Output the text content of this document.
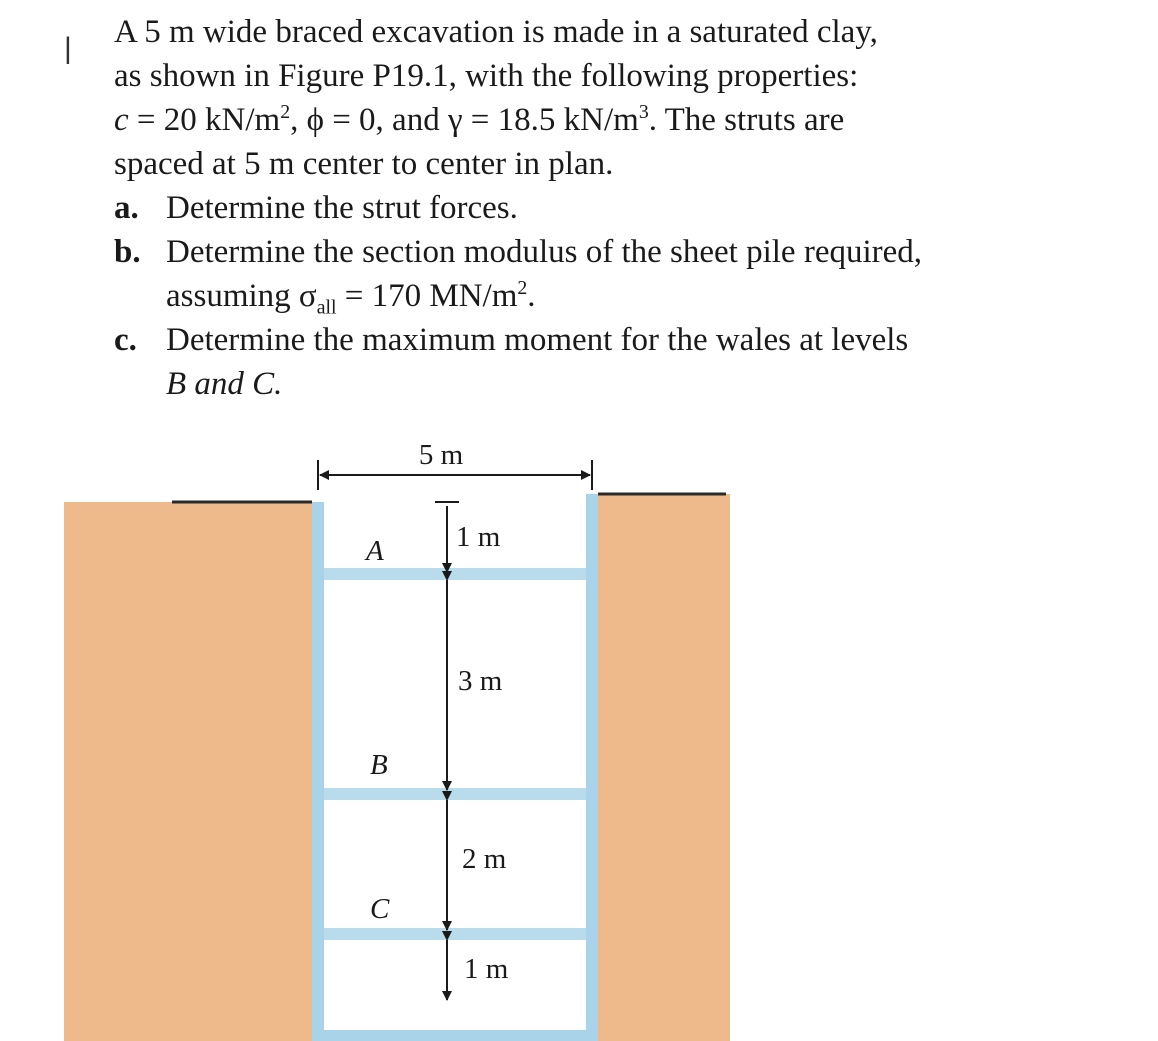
| A 5 m wide braced excavation is made in a saturated clay,
as shown in Figure P19.1, with the following properties:
c = 20 $kN/m^2$, ϕ = 0, and γ = 18.5 $kN/m^3$. The struts are
spaced at 5 m center to center in plan.
a. Determine the strut forces.
b. Determine the section modulus of the sheet pile required,
assuming $\sigma_{all} = 170$ $MN/m^2$.
c. Determine the maximum moment for the wales at levels
B and C.
5 m
1 m
3 m
2 m
1 m
A
B
C
